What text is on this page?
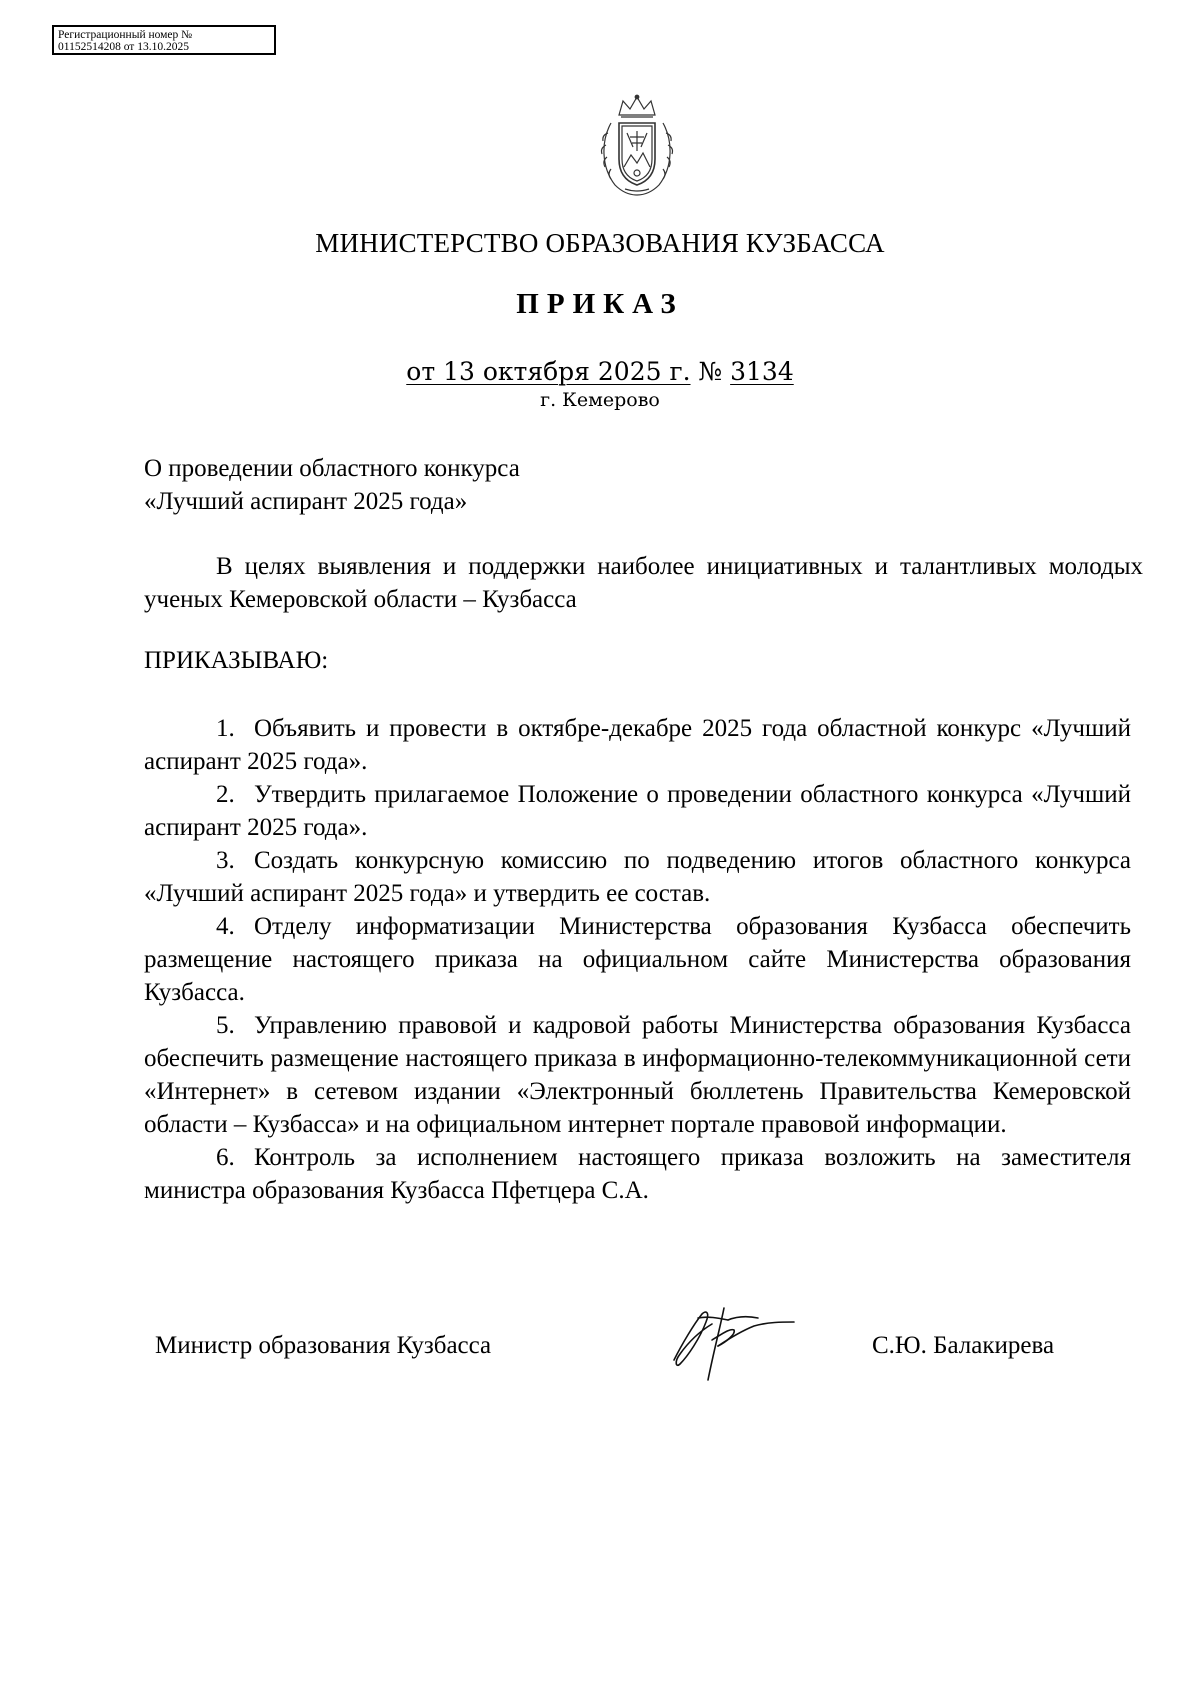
Регистрационный номер №
01152514208 от 13.10.2025
МИНИСТЕРСТВО ОБРАЗОВАНИЯ КУЗБАССА
ПРИКАЗ
от 13 октября 2025 г. № 3134
г. Кемерово
О проведении областного конкурса
«Лучший аспирант 2025 года»
В целях выявления и поддержки наиболее инициативных и талантливых молодых ученых Кемеровской области – Кузбасса
ПРИКАЗЫВАЮ:

1. Объявить и провести в октябре-декабре 2025 года областной конкурс «Лучший аспирант 2025 года».

2. Утвердить прилагаемое Положение о проведении областного конкурса «Лучший аспирант 2025 года».

3. Создать конкурсную комиссию по подведению итогов областного конкурса «Лучший аспирант 2025 года» и утвердить ее состав.

4. Отделу информатизации Министерства образования Кузбасса обеспечить размещение настоящего приказа на официальном сайте Министерства образования Кузбасса.

5. Управлению правовой и кадровой работы Министерства образования Кузбасса обеспечить размещение настоящего приказа в информационно-телекоммуникационной сети «Интернет» в сетевом издании «Электронный бюллетень Правительства Кемеровской области – Кузбасса» и на официальном интернет портале правовой информации.

6. Контроль за исполнением настоящего приказа возложить на заместителя министра образования Кузбасса Пфетцера С.А.

Министр образования Кузбасса	С.Ю. Балакирева
